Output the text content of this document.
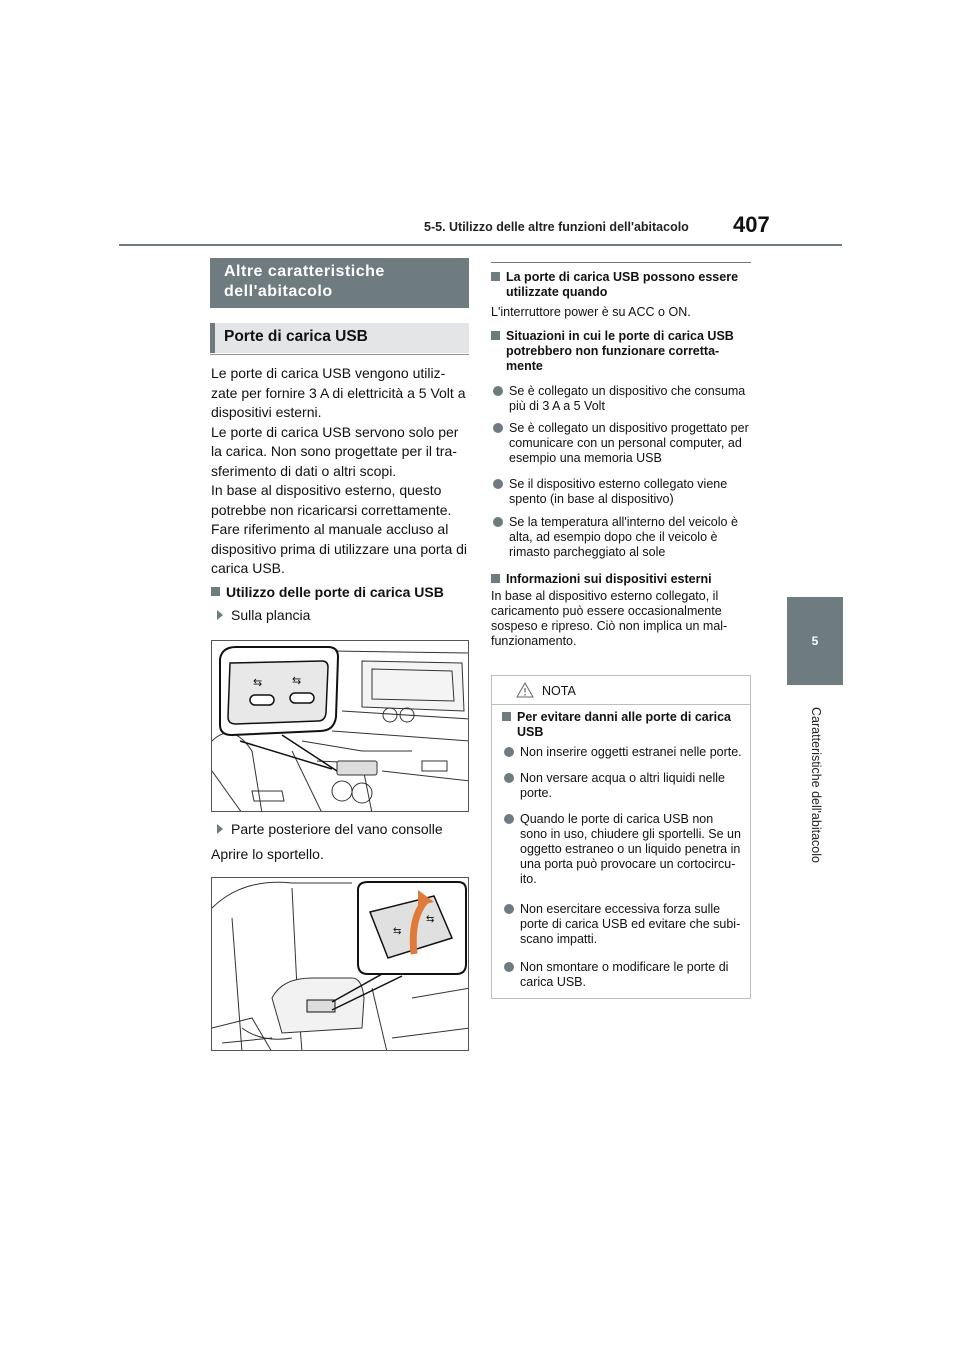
5-5. Utilizzo delle altre funzioni dell'abitacolo 407
5
Caratteristiche dell'abitacolo
Altre caratteristiche dell'abitacolo
Porte di carica USB

Le porte di carica USB vengono utiliz-zate per fornire 3 A di elettricità a 5 Volt a dispositivi esterni.

Le porte di carica USB servono solo per la carica. Non sono progettate per il tra-sferimento di dati o altri scopi.

In base al dispositivo esterno, questo potrebbe non ricaricarsi correttamente. Fare riferimento al manuale accluso al dispositivo prima di utilizzare una porta di carica USB.

Utilizzo delle porte di carica USB
Sulla plancia
⇆	⇆
Parte posteriore del vano consolle
Aprire lo sportello.
⇆
⇆
La porte di carica USB possono essere utilizzate quando
L'interruttore power è su ACC o ON.
Situazioni in cui le porte di carica USB potrebbero non funzionare corretta-mente
Se è collegato un dispositivo che consuma più di 3 A a 5 Volt
Se è collegato un dispositivo progettato per comunicare con un personal computer, ad esempio una memoria USB
Se il dispositivo esterno collegato viene spento (in base al dispositivo)
Se la temperatura all'interno del veicolo è alta, ad esempio dopo che il veicolo è rimasto parcheggiato al sole
Informazioni sui dispositivi esterni
In base al dispositivo esterno collegato, il caricamento può essere occasionalmente sospeso e ripreso. Ciò non implica un mal-funzionamento.
NOTA
Per evitare danni alle porte di carica USB
Non inserire oggetti estranei nelle porte.
Non versare acqua o altri liquidi nelle porte.
Quando le porte di carica USB non sono in uso, chiudere gli sportelli. Se un oggetto estraneo o un liquido penetra in una porta può provocare un cortocircu-ito.
Non esercitare eccessiva forza sulle porte di carica USB ed evitare che subi-scano impatti.
Non smontare o modificare le porte di carica USB.
